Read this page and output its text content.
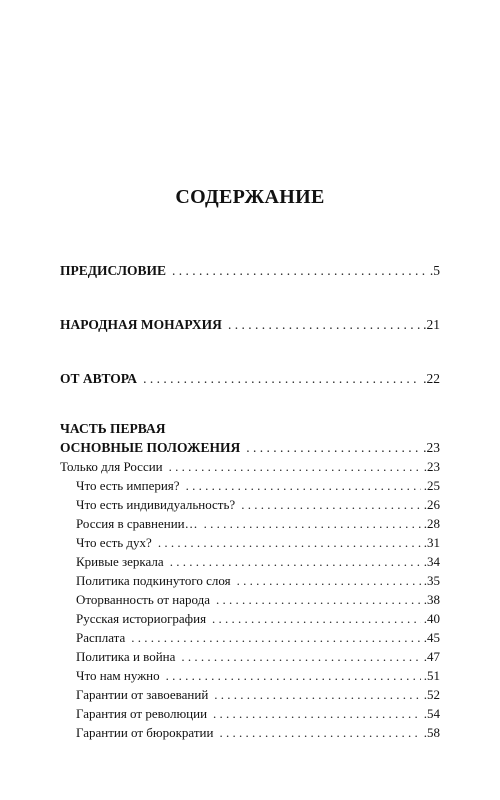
СОДЕРЖАНИЕ
ПРЕДИСЛОВИЕ . . .	.5
НАРОДНАЯ МОНАРХИЯ . . .	.21
ОТ АВТОРА . . .	.22
ЧАСТЬ ПЕРВАЯ
ОСНОВНЫЕ ПОЛОЖЕНИЯ . . .	.23
Только для России . . .	.23
Что есть империя? . . .	.25
Что есть индивидуальность? . . .	.26
Россия в сравнении… . . .	.28
Что есть дух? . . .	.31
Кривые зеркала . . .	.34
Политика подкинутого слоя . . .	.35
Оторванность от народа . . .	.38
Русская историография . . .	.40
Расплата . . .	.45
Политика и война . . .	.47
Что нам нужно . . .	.51
Гарантии от завоеваний . . .	.52
Гарантия от революции . . .	.54
Гарантии от бюрократии . . .	.58
